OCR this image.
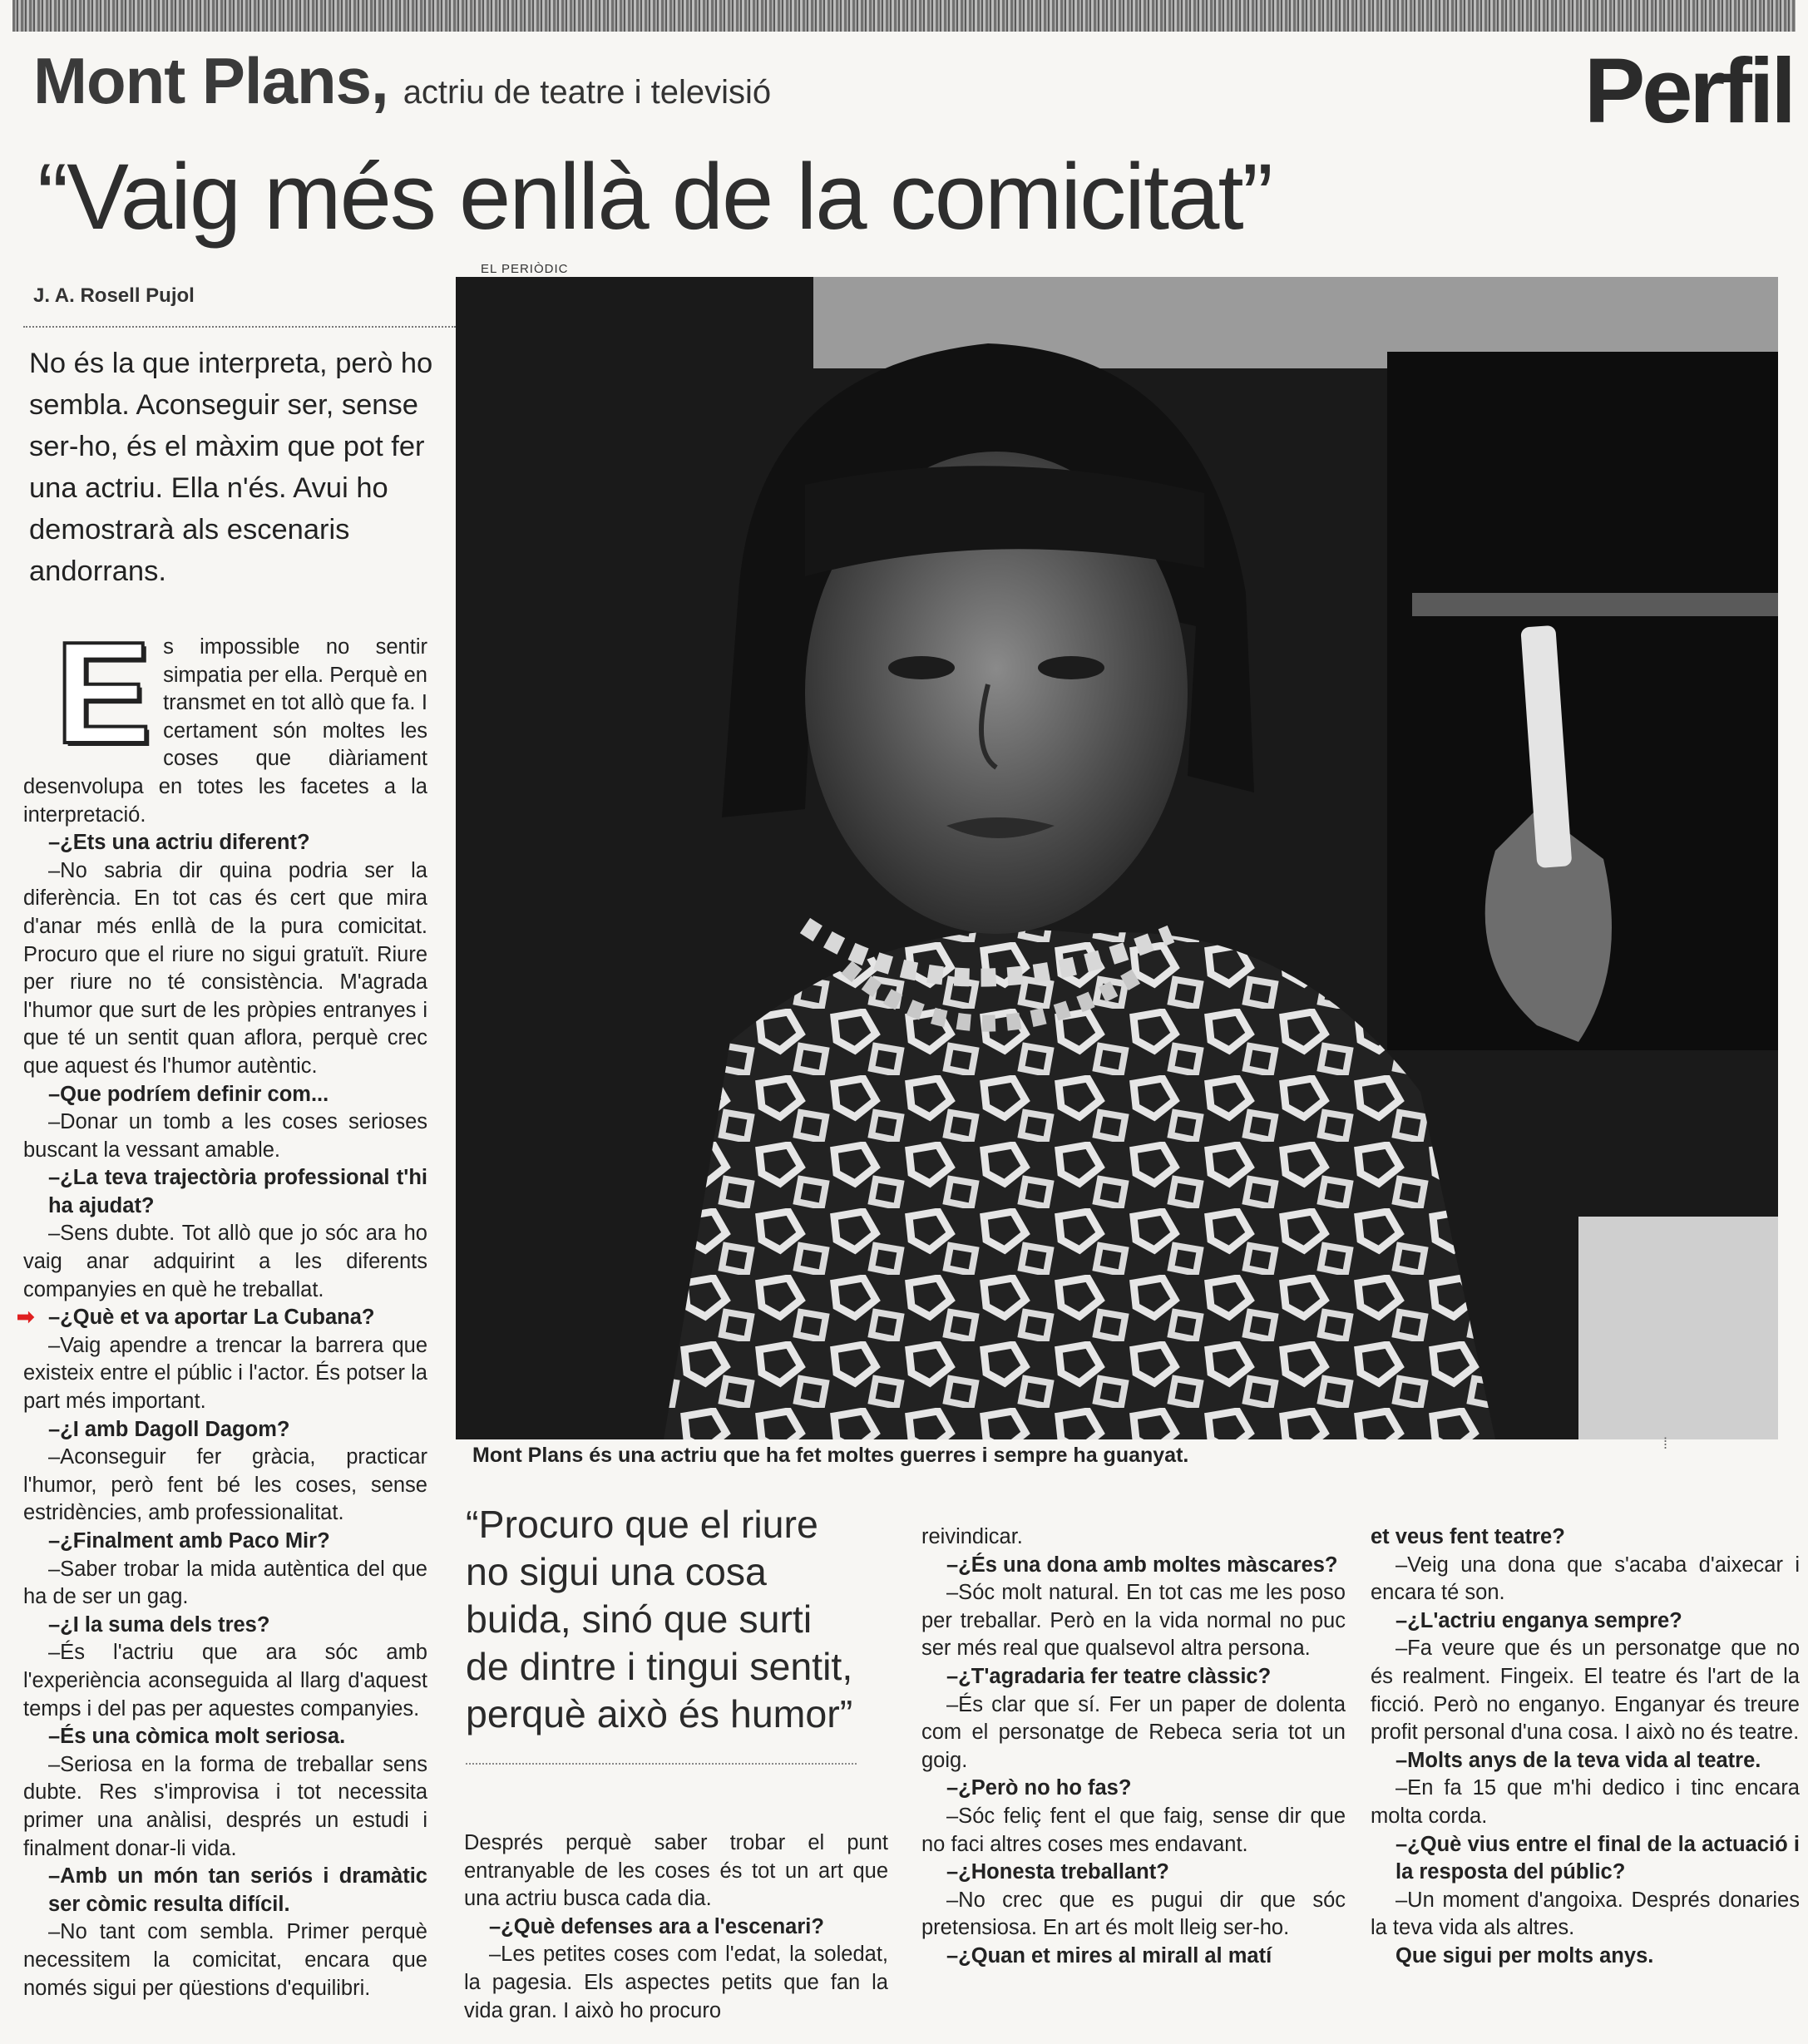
Mont Plans, actriu de teatre i televisió	Perfil
“Vaig més enllà de la comicitat”
J. A. Rosell Pujol
EL PERIÒDIC
No és la que interpreta, però ho sembla. Aconseguir ser, sense ser-ho, és el màxim que pot fer una actriu. Ella n'és. Avui ho demostrarà als escenaris andorrans.
Mont Plans és una actriu que ha fet moltes guerres i sempre ha guanyat.	⁞
E s impossible no sentir simpatia per ella. Perquè en transmet en tot allò que fa. I certament són moltes les coses que diàriament desenvolupa en totes les facetes a la interpretació.

–¿Ets una actriu diferent?

–No sabria dir quina podria ser la diferència. En tot cas és cert que mira d'anar més enllà de la pura comicitat. Procuro que el riure no sigui gratuït. Riure per riure no té consistència. M'agrada l'humor que surt de les pròpies entranyes i que té un sentit quan aflora, perquè crec que aquest és l'humor autèntic.

–Que podríem definir com...

–Donar un tomb a les coses serioses buscant la vessant amable.

–¿La teva trajectòria professional t'hi ha ajudat?

–Sens dubte. Tot allò que jo sóc ara ho vaig anar adquirint a les diferents companyies en què he treballat.

➡ –¿Què et va aportar La Cubana?

–Vaig apendre a trencar la barrera que existeix entre el públic i l'actor. És potser la part més important.

–¿I amb Dagoll Dagom?

–Aconseguir fer gràcia, practicar l'humor, però fent bé les coses, sense estridències, amb professionalitat.

–¿Finalment amb Paco Mir?

–Saber trobar la mida autèntica del que ha de ser un gag.

–¿I la suma dels tres?

–És l'actriu que ara sóc amb l'experiència aconseguida al llarg d'aquest temps i del pas per aquestes companyies.

–És una còmica molt seriosa.

–Seriosa en la forma de treballar sens dubte. Res s'improvisa i tot necessita primer una anàlisi, després un estudi i finalment donar-li vida.

–Amb un món tan seriós i dramàtic ser còmic resulta difícil.

–No tant com sembla. Primer perquè necessitem la comicitat, encara que només sigui per qüestions d'equilibri.

“Procuro que el riure no sigui una cosa buida, sinó que surti de dintre i tingui sentit, perquè això és humor”

Després perquè saber trobar el punt entranyable de les coses és tot un art que una actriu busca cada dia.

–¿Què defenses ara a l'escenari?

–Les petites coses com l'edat, la soledat, la pagesia. Els aspectes petits que fan la vida gran. I això ho procuro

reivindicar.

–¿És una dona amb moltes màscares?

–Sóc molt natural. En tot cas me les poso per treballar. Però en la vida normal no puc ser més real que qualsevol altra persona.

–¿T'agradaria fer teatre clàssic?

–És clar que sí. Fer un paper de dolenta com el personatge de Rebeca seria tot un goig.

–¿Però no ho fas?

–Sóc feliç fent el que faig, sense dir que no faci altres coses mes endavant.

–¿Honesta treballant?

–No crec que es pugui dir que sóc pretensiosa. En art és molt lleig ser-ho.

–¿Quan et mires al mirall al matí

et veus fent teatre?

–Veig una dona que s'acaba d'aixecar i encara té son.

–¿L'actriu enganya sempre?

–Fa veure que és un personatge que no és realment. Fingeix. El teatre és l'art de la ficció. Però no enganyo. Enganyar és treure profit personal d'una cosa. I això no és teatre.

–Molts anys de la teva vida al teatre.

–En fa 15 que m'hi dedico i tinc encara molta corda.

–¿Què vius entre el final de la actuació i la resposta del públic?

–Un moment d'angoixa. Després donaries la teva vida als altres.

Que sigui per molts anys.
